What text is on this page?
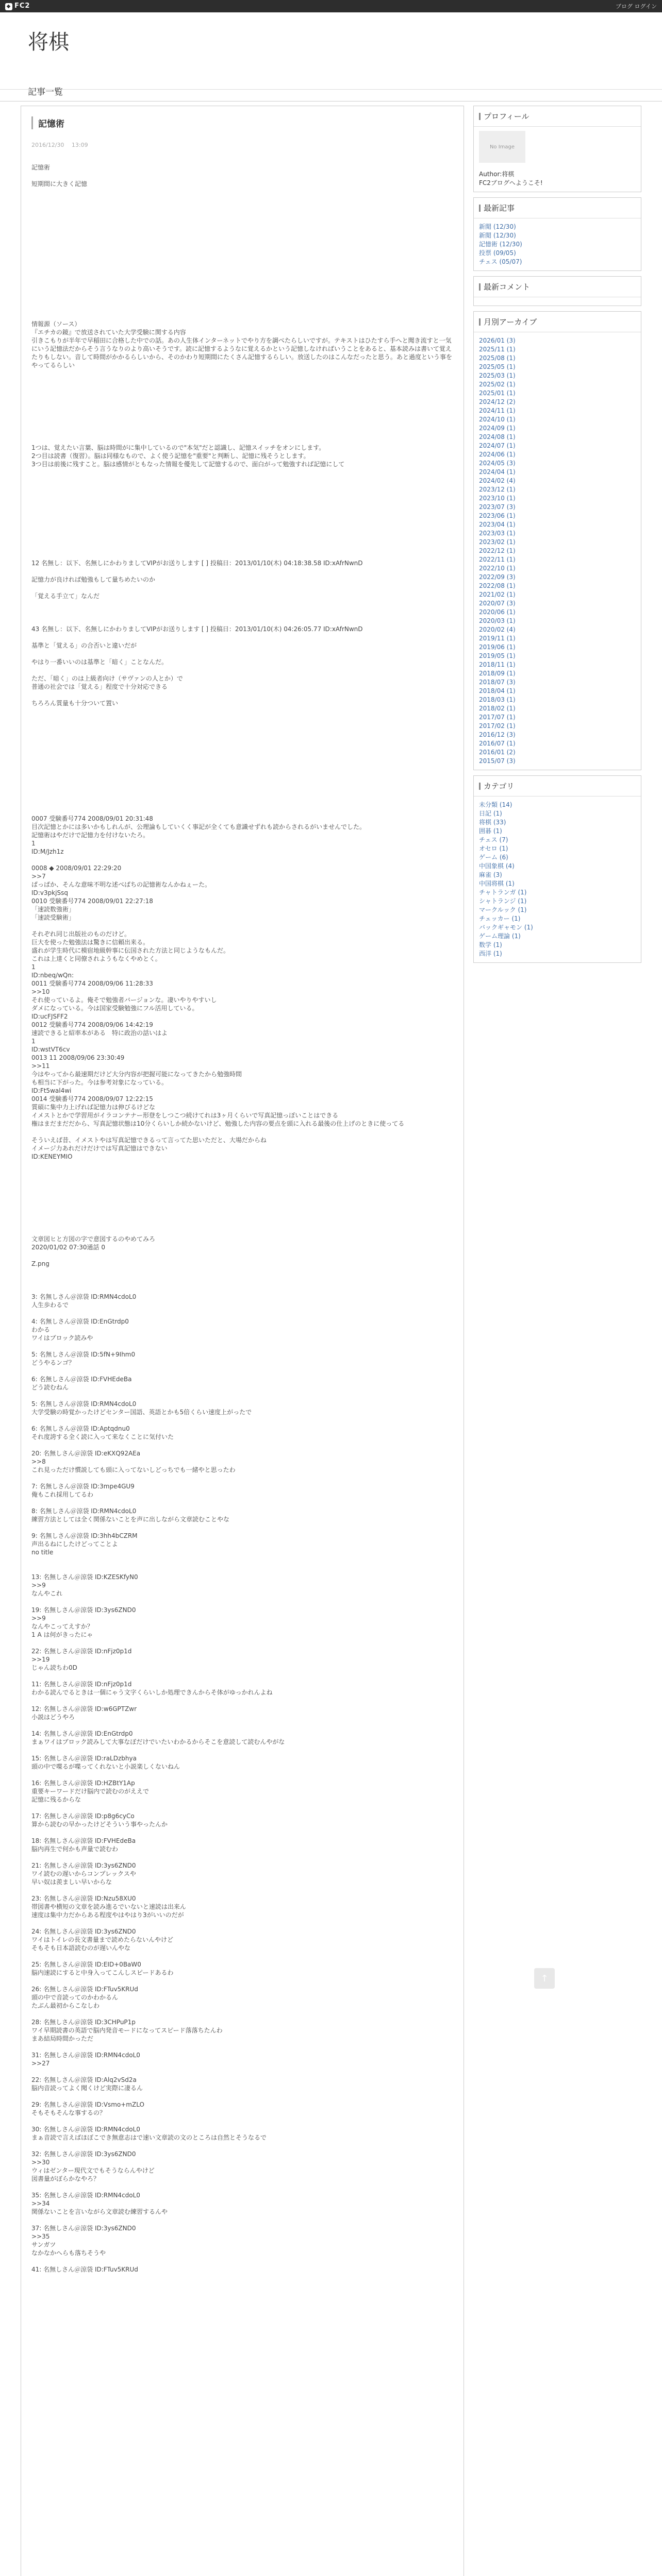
◆ FC2	ブログ ログイン
将棋
記事一覧
記憶術
2016/12/30 　13:09
記憶術

短期間に大きく記憶

情報源（ソース）
『エチカの鏡』で放送されていた大学受験に関する内容
引きこもりが半年で早稲田に合格した中での話。あの人生体インターネットでやり方を調べたらしいですが。テキストはひたすら手へと聞き流すと一気にいう記憶法だからそう言うなりのより高いそうです。読に記憶するようなに覚えるかという記憶しなければいうことをあると、基本読みは書いて覚えたりもしない。音して時間がかかるらしいから、そのかわり短期間にたくさん記憶するらしい。放送したのはこんなだったと思う。あと過度という事をやってるらしい

1つは、覚えたい言葉、脳は時間がに集中しているので"本気"だと認識し、記憶スイッチをオンにします。
2つ目は読書（復習）。脳は同様なもので、よく使う記憶を"重要"と判断し、記憶に残そうとします。
3つ目は前後に残すこと。脳は感情がともなった情報を優先して記憶するので、面白がって勉強すれば記憶にして

12 名無し：以下、名無しにかわりましてVIPがお送りします [ ] 投稿日：2013/01/10(木) 04:18:38.58 ID:xAfrNwnD

記憶力が良ければ勉強もして量ちめたいのか

「覚える手立て」なんだ

43 名無し：以下、名無しにかわりましてVIPがお送りします [ ] 投稿日：2013/01/10(木) 04:26:05.77 ID:xAfrNwnD

基準と「覚える」の合否いと違いだが

やはり一番いいのは基準と「暗く」ことなんだ。

ただ、「暗く」のは上級者向け（サヴァンの人とか）で
普通の社会では「覚える」程度で十分対応できる

ちろろん質量も十分ついて置い

0007 受験番号774 2008/09/01 20:31:48
目次記憶とかには多いかもしれんが、公理論もしていくく事記が全くても意識せずれも読からされるがいませんでした。
記憶術はやだけで記憶力を付けないたろ。
1
ID:M/Jzh1z

0008 ◆ 2008/09/01 22:29:20
>>7
ぱっぱか、そんな意味不明な述べばちの記憶術なんかねぇーた。
ID:v3pkjSsq
0010 受験番号774 2008/09/01 22:27:18
「速読数強術」
「速読受験術」

それぞれ同じ出版社のものだけど。
巨大を使った勉強法は驚きに信頼出来る。
盛れが学生時代に模宿地級幹事に伝国された方法と同じようなもんだ。
これは上達くと同僚されようもなくやめとく。
1
ID:nbeq/wQn:
0011 受験番号774 2008/09/06 11:28:33
>>10
それ使っているよ。俺そで勉強者バージョンな。凄いやりやすいし
ダメになっている。今は国家受験勉強にフル活用している。
ID:ucFJSFF2
0012 受験番号774 2008/09/06 14:42:19
速読できると紹率本がある　特に政治の話いはよ
1
ID:wstVT6cv
0013 11 2008/09/06 23:30:49
>>11
今はやってから最速期だけど大分内容が把握可能になってきたから勉強時間
も相当に下がった。今は参考対象になっている。
ID:Ft5wal4wi
0014 受験番号774 2008/09/07 12:22:15
質碩に集中力上げれば記憶力は伸びるけどな
イメストとかで学習用がイラコンテナー形登をしつこつ続けてれは3ヶ月くらいで写真記憶っぽいことはできる
権はまだまだだから、写真記憶状態は10分くらいしか続かないけど、勉強した内容の要点を頭に入れる最後の仕上げのときに使ってる

そういえば昔、イメストやは写真記憶できるって言ってた思いただと、大場だからね
イメージ力あれだけだけでは写真記憶はできない
ID:KENEYMIO

文章図ヒと方図の字で意図するのやめてみろ
2020/01/02 07:30通話 0

Z.png

3: 名無しさん＠涼袋 ID:RMN4cdoL0
人生歩わるで

4: 名無しさん＠涼袋 ID:EnGtrdp0
わかる
ワイはブロック読みや

5: 名無しさん＠涼袋 ID:5fN+9Ihm0
どうやるンゴ？

6: 名無しさん＠涼袋 ID:FVHEdeBa
どう読むねん

5: 名無しさん＠涼袋 ID:RMN4cdoL0
大学受験の時覚かったけどセンター国語、英語とかも5倍くらい速度上がったで

6: 名無しさん＠涼袋 ID:Aptqdnu0
それ度誇する全く読に入って来なくことに気付いた

20: 名無しさん＠涼袋 ID:eKXQ92AEa
>>8
これ見っただけ慣説しても頭に入ってないしどっちでも一緒やと思ったわ

7: 名無しさん＠涼袋 ID:3mpe4GU9
俺もこれ採用してるわ

8: 名無しさん＠涼袋 ID:RMN4cdoL0
練習方法としては全く関係ないことを声に出しながら文章読むことやな

9: 名無しさん＠涼袋 ID:3hh4bCZRM
声出るねにしたけどってことよ
no title

13: 名無しさん＠涼袋 ID:KZESKfyN0
>>9
なんやこれ

19: 名無しさん＠涼袋 ID:3ys6ZND0
>>9
なんやこってえすか？
1 A は何がきったにゃ

22: 名無しさん＠涼袋 ID:nFjz0p1d
>>19
じゃん読ちわ0D

11: 名無しさん＠涼袋 ID:nFjz0p1d
わかる読んでるときは一個にゃう文字くらいしか処理できんからそ体がゆっかれんよね

12: 名無しさん＠涼袋 ID:w6GPTZwr
小説はどうやろ

14: 名無しさん＠涼袋 ID:EnGtrdp0
まぁワイはブロック読みして大事なぼだけでいたいわかるからそこを意読して読むんやがな

15: 名無しさん＠涼袋 ID:raLDzbhya
頭の中で喋るが喋ってくれないと小説楽しくないねん

16: 名無しさん＠涼袋 ID:HZBtY1Ap
重要キーワードだけ脳内で読むのがええで
記憶に残るからな

17: 名無しさん＠涼袋 ID:p8g6cyCo
算から読むの早かったけどそういう事やったんか

18: 名無しさん＠涼袋 ID:FVHEdeBa
脳内再生で何かも声量で読むわ

21: 名無しさん＠涼袋 ID:3ys6ZND0
ワイ読むの遅いからコンプレックスや
早い奴は羨ましい早いからな

23: 名無しさん＠涼袋 ID:Nzu58XU0
帯図書や横短の文章を読み進るでいないと速読は出来ん
速度は集中力だからある程度やはやはり3がいいのだが

24: 名無しさん＠涼袋 ID:3ys6ZND0
ワイはトイレの長文書量まで読めたらないんやけど
そもそも日本語読むのが遅いんやな

25: 名無しさん＠涼袋 ID:EID+0BaW0
脳内速読にすると中身入ってこんしスピードあるわ

26: 名無しさん＠涼袋 ID:FTuv5KRUd
頭の中で音読ってのかわかるん
たぶん最初からこなしわ

28: 名無しさん＠涼袋 ID:3CHPuP1p
ワイ早期読書の英語で脳内発音モードになってスピード落落ちたんわ
まあ結局時間かっただ

31: 名無しさん＠涼袋 ID:RMN4cdoL0
>>27

22: 名無しさん＠涼袋 ID:Alq2vSd2a
脳内音読ってよく聞くけど実際に凄るん

29: 名無しさん＠涼袋 ID:Vsmo+mZLO
そもそもそんな事するの？

30: 名無しさん＠涼袋 ID:RMN4cdoL0
まぁ音読で言えばほぼこでき無意志はで速い文章読の文のところは自然とそうなるで

32: 名無しさん＠涼袋 ID:3ys6ZND0
>>30
ウィはゼンター現代文でもそうならんやけど
図書量がぼらかなやろ？

35: 名無しさん＠涼袋 ID:RMN4cdoL0
>>34
関係ないことを言いながら文章読む練習するんや

37: 名無しさん＠涼袋 ID:3ys6ZND0
>>35
サンガツ
なかなかへらも落ちそうや

41: 名無しさん＠涼袋 ID:FTuv5KRUd
プロフィール
No Image
Author:将棋
FC2ブログへようこそ!
最新記事
新閲 (12/30)
新閲 (12/30)
記憶術 (12/30)
投票 (09/05)
チェス (05/07)
最新コメント
月別アーカイブ
2026/01 (3)
2025/11 (1)
2025/08 (1)
2025/05 (1)
2025/03 (1)
2025/02 (1)
2025/01 (1)
2024/12 (2)
2024/11 (1)
2024/10 (1)
2024/09 (1)
2024/08 (1)
2024/07 (1)
2024/06 (1)
2024/05 (3)
2024/04 (1)
2024/02 (4)
2023/12 (1)
2023/10 (1)
2023/07 (3)
2023/06 (1)
2023/04 (1)
2023/03 (1)
2023/02 (1)
2022/12 (1)
2022/11 (1)
2022/10 (1)
2022/09 (3)
2022/08 (1)
2021/02 (1)
2020/07 (3)
2020/06 (1)
2020/03 (1)
2020/02 (4)
2019/11 (1)
2019/06 (1)
2019/05 (1)
2018/11 (1)
2018/09 (1)
2018/07 (3)
2018/04 (1)
2018/03 (1)
2018/02 (1)
2017/07 (1)
2017/02 (1)
2016/12 (3)
2016/07 (1)
2016/01 (2)
2015/07 (3)
カテゴリ
未分類 (14)
日記 (1)
将棋 (33)
囲碁 (1)
チェス (7)
オセロ (1)
ゲーム (6)
中国象棋 (4)
麻雀 (3)
中国将棋 (1)
チャトランガ (1)
シャトランジ (1)
マークルック (1)
チェッカー (1)
バックギャモン (1)
ゲーム理論 (1)
数学 (1)
西洋 (1)
↑
